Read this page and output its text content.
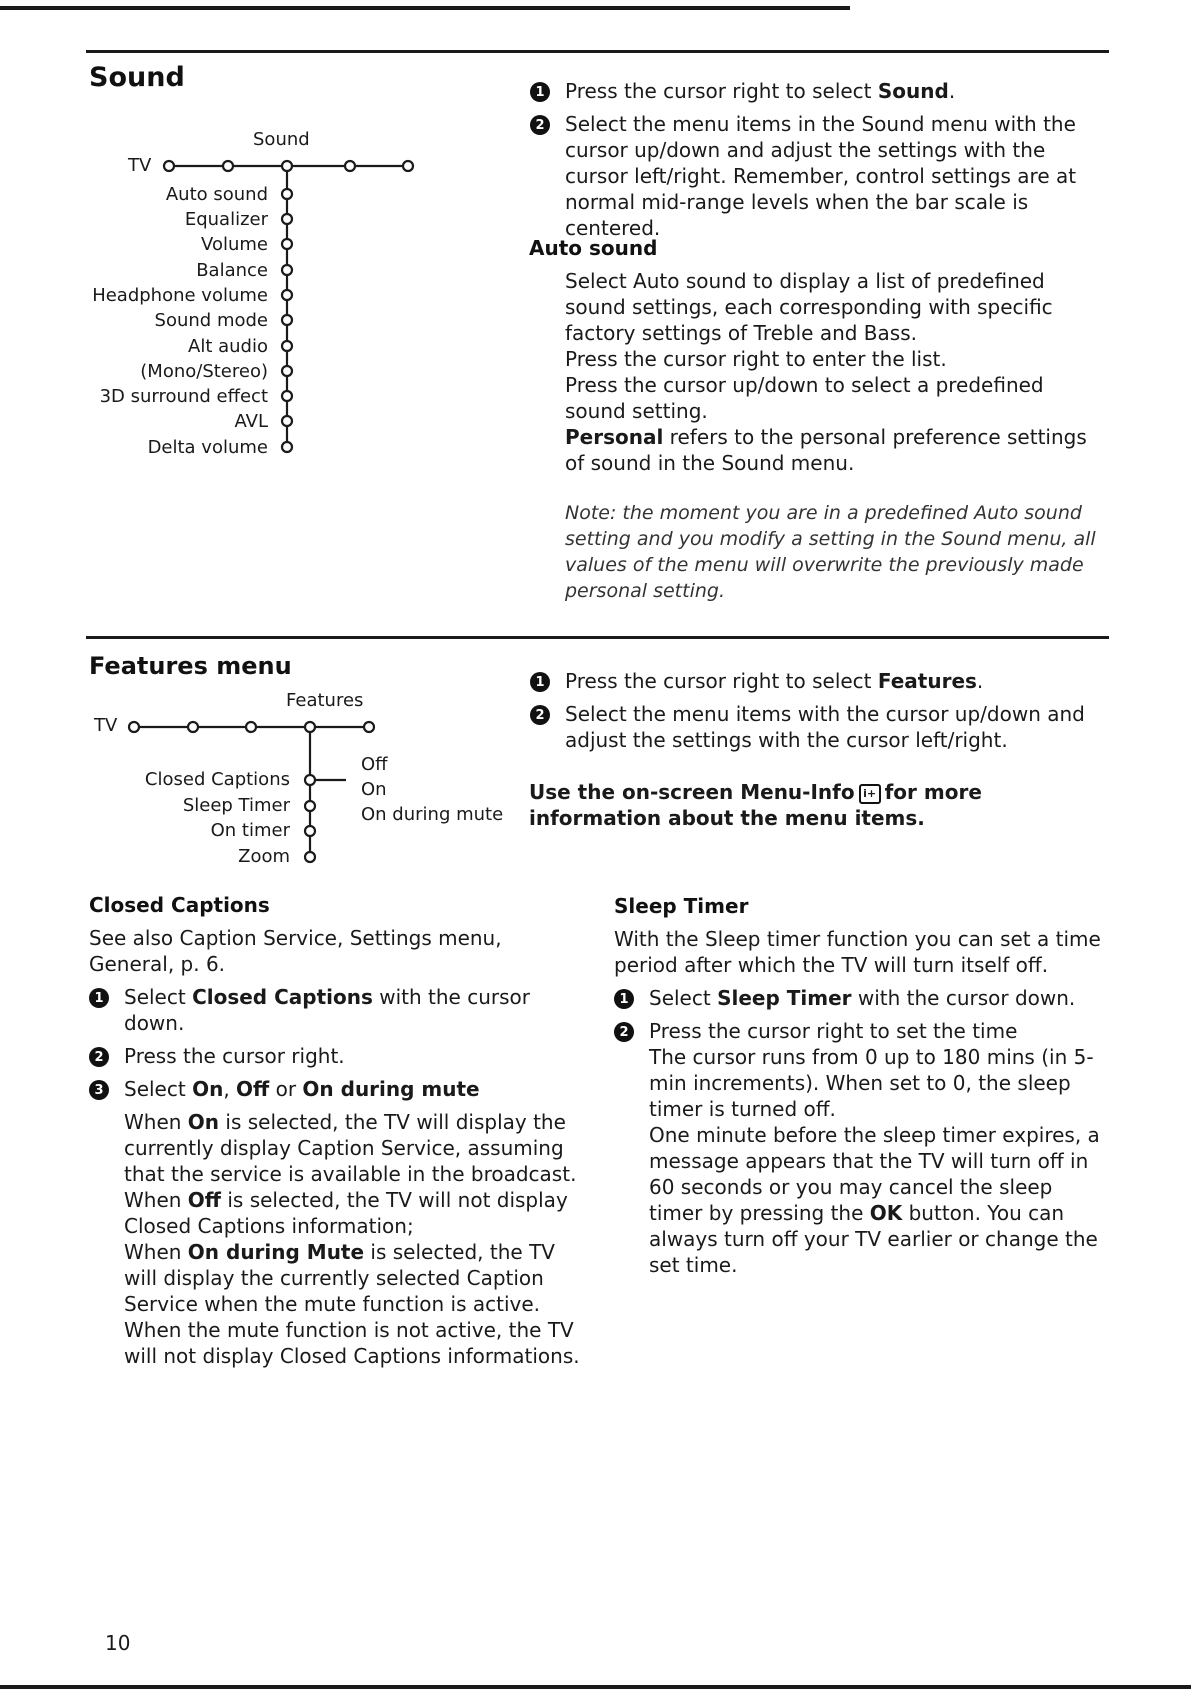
Sound
TV
Sound
Auto sound
Equalizer
Volume
Balance
Headphone volume
Sound mode
Alt audio
(Mono/Stereo)
3D surround effect
AVL
Delta volume
1 Press the cursor right to select Sound.
2 Select the menu items in the Sound menu with the cursor up/down and adjust the settings with the cursor left/right. Remember, control settings are at normal mid-range levels when the bar scale is centered.
Auto sound
Select Auto sound to display a list of predefined sound settings, each corresponding with specific factory settings of Treble and Bass.
Press the cursor right to enter the list.
Press the cursor up/down to select a predefined sound setting.
Personal refers to the personal preference settings of sound in the Sound menu.
Note: the moment you are in a predefined Auto sound setting and you modify a setting in the Sound menu, all values of the menu will overwrite the previously made personal setting.
Features menu
TV
Features
Closed Captions
Sleep Timer
On timer
Zoom
Off
On
On during mute
1 Press the cursor right to select Features.
2 Select the menu items with the cursor up/down and adjust the settings with the cursor left/right.
Use the on-screen Menu-Info i+ for more information about the menu items.
Closed Captions
See also Caption Service, Settings menu, General, p. 6.
1 Select Closed Captions with the cursor down.
2 Press the cursor right.
3 Select On, Off or On during mute
When On is selected, the TV will display the currently display Caption Service, assuming that the service is available in the broadcast.
When Off is selected, the TV will not display Closed Captions information;
When On during Mute is selected, the TV will display the currently selected Caption Service when the mute function is active.
When the mute function is not active, the TV will not display Closed Captions informations.
Sleep Timer
With the Sleep timer function you can set a time period after which the TV will turn itself off.
1 Select Sleep Timer with the cursor down.
2 Press the cursor right to set the time
The cursor runs from 0 up to 180 mins (in 5-min increments). When set to 0, the sleep timer is turned off.
One minute before the sleep timer expires, a message appears that the TV will turn off in 60 seconds or you may cancel the sleep timer by pressing the OK button. You can always turn off your TV earlier or change the set time.
10
